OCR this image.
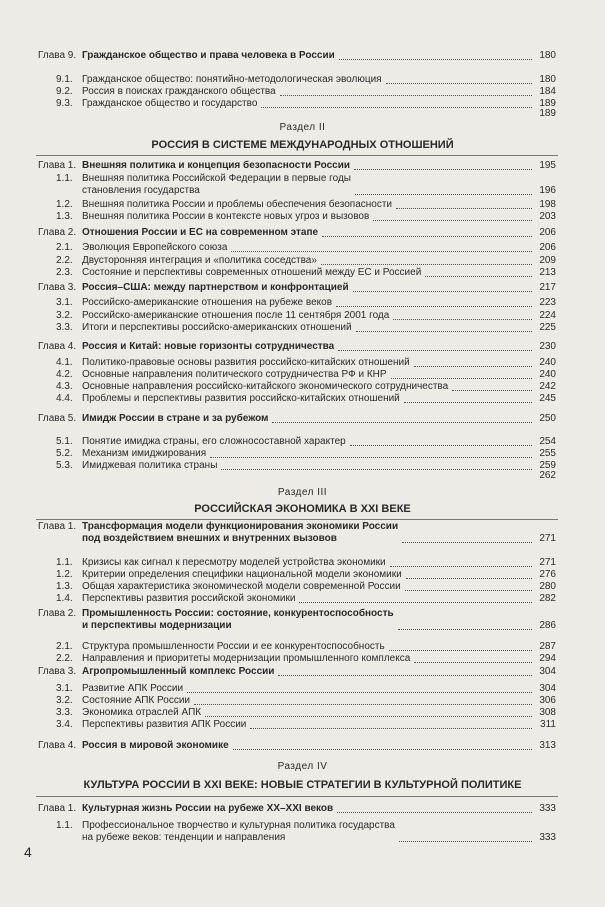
Глава 9. Гражданское общество и права человека в России	180
9.1. Гражданское общество: понятийно-методологическая эволюция	180
9.2. Россия в поисках гражданского общества	184
9.3. Гражданское общество и государство	189
189
Раздел II
РОССИЯ В СИСТЕМЕ МЕЖДУНАРОДНЫХ ОТНОШЕНИЙ
Глава 1. Внешняя политика и концепция безопасности России	195
1.1. Внешняя политика Российской Федерации в первые годы
становления государства	196
1.2. Внешняя политика России и проблемы обеспечения безопасности	198
1.3. Внешняя политика России в контексте новых угроз и вызовов	203
Глава 2. Отношения России и ЕС на современном этапе	206
2.1. Эволюция Европейского союза	206
2.2. Двусторонняя интеграция и «политика соседства»	209
2.3. Состояние и перспективы современных отношений между ЕС и Россией	213
Глава 3. Россия–США: между партнерством и конфронтацией	217
3.1. Российско-американские отношения на рубеже веков	223
3.2. Российско-американские отношения после 11 сентября 2001 года	224
3.3. Итоги и перспективы российско-американских отношений	225
Глава 4. Россия и Китай: новые горизонты сотрудничества	230
4.1. Политико-правовые основы развития российско-китайских отношений	240
4.2. Основные направления политического сотрудничества РФ и КНР	240
4.3. Основные направления российско-китайского экономического сотрудничества	242
4.4. Проблемы и перспективы развития российско-китайских отношений	245
Глава 5. Имидж России в стране и за рубежом	250
5.1. Понятие имиджа страны, его сложносоставной характер	254
5.2. Механизм имиджирования	255
5.3. Имиджевая политика страны	259
262
Раздел III
РОССИЙСКАЯ ЭКОНОМИКА В XXI ВЕКЕ
Глава 1. Трансформация модели функционирования экономики России
под воздействием внешних и внутренних вызовов	271
1.1. Кризисы как сигнал к пересмотру моделей устройства экономики	271
1.2. Критерии определения специфики национальной модели экономики	276
1.3. Общая характеристика экономической модели современной России	280
1.4. Перспективы развития российской экономики	282
Глава 2. Промышленность России: состояние, конкурентоспособность
и перспективы модернизации	286
2.1. Структура промышленности России и ее конкурентоспособность	287
2.2. Направления и приоритеты модернизации промышленного комплекса	294
Глава 3. Агропромышленный комплекс России	304
3.1. Развитие АПК России	304
3.2. Состояние АПК России	306
3.3. Экономика отраслей АПК	308
3.4. Перспективы развития АПК России	311
Глава 4. Россия в мировой экономике	313
Раздел IV
КУЛЬТУРА РОССИИ В XXI ВЕКЕ: НОВЫЕ СТРАТЕГИИ В КУЛЬТУРНОЙ ПОЛИТИКЕ
Глава 1. Культурная жизнь России на рубеже XX–XXI веков	333
1.1. Профессиональное творчество и культурная политика государства
на рубеже веков: тенденции и направления	333
4
